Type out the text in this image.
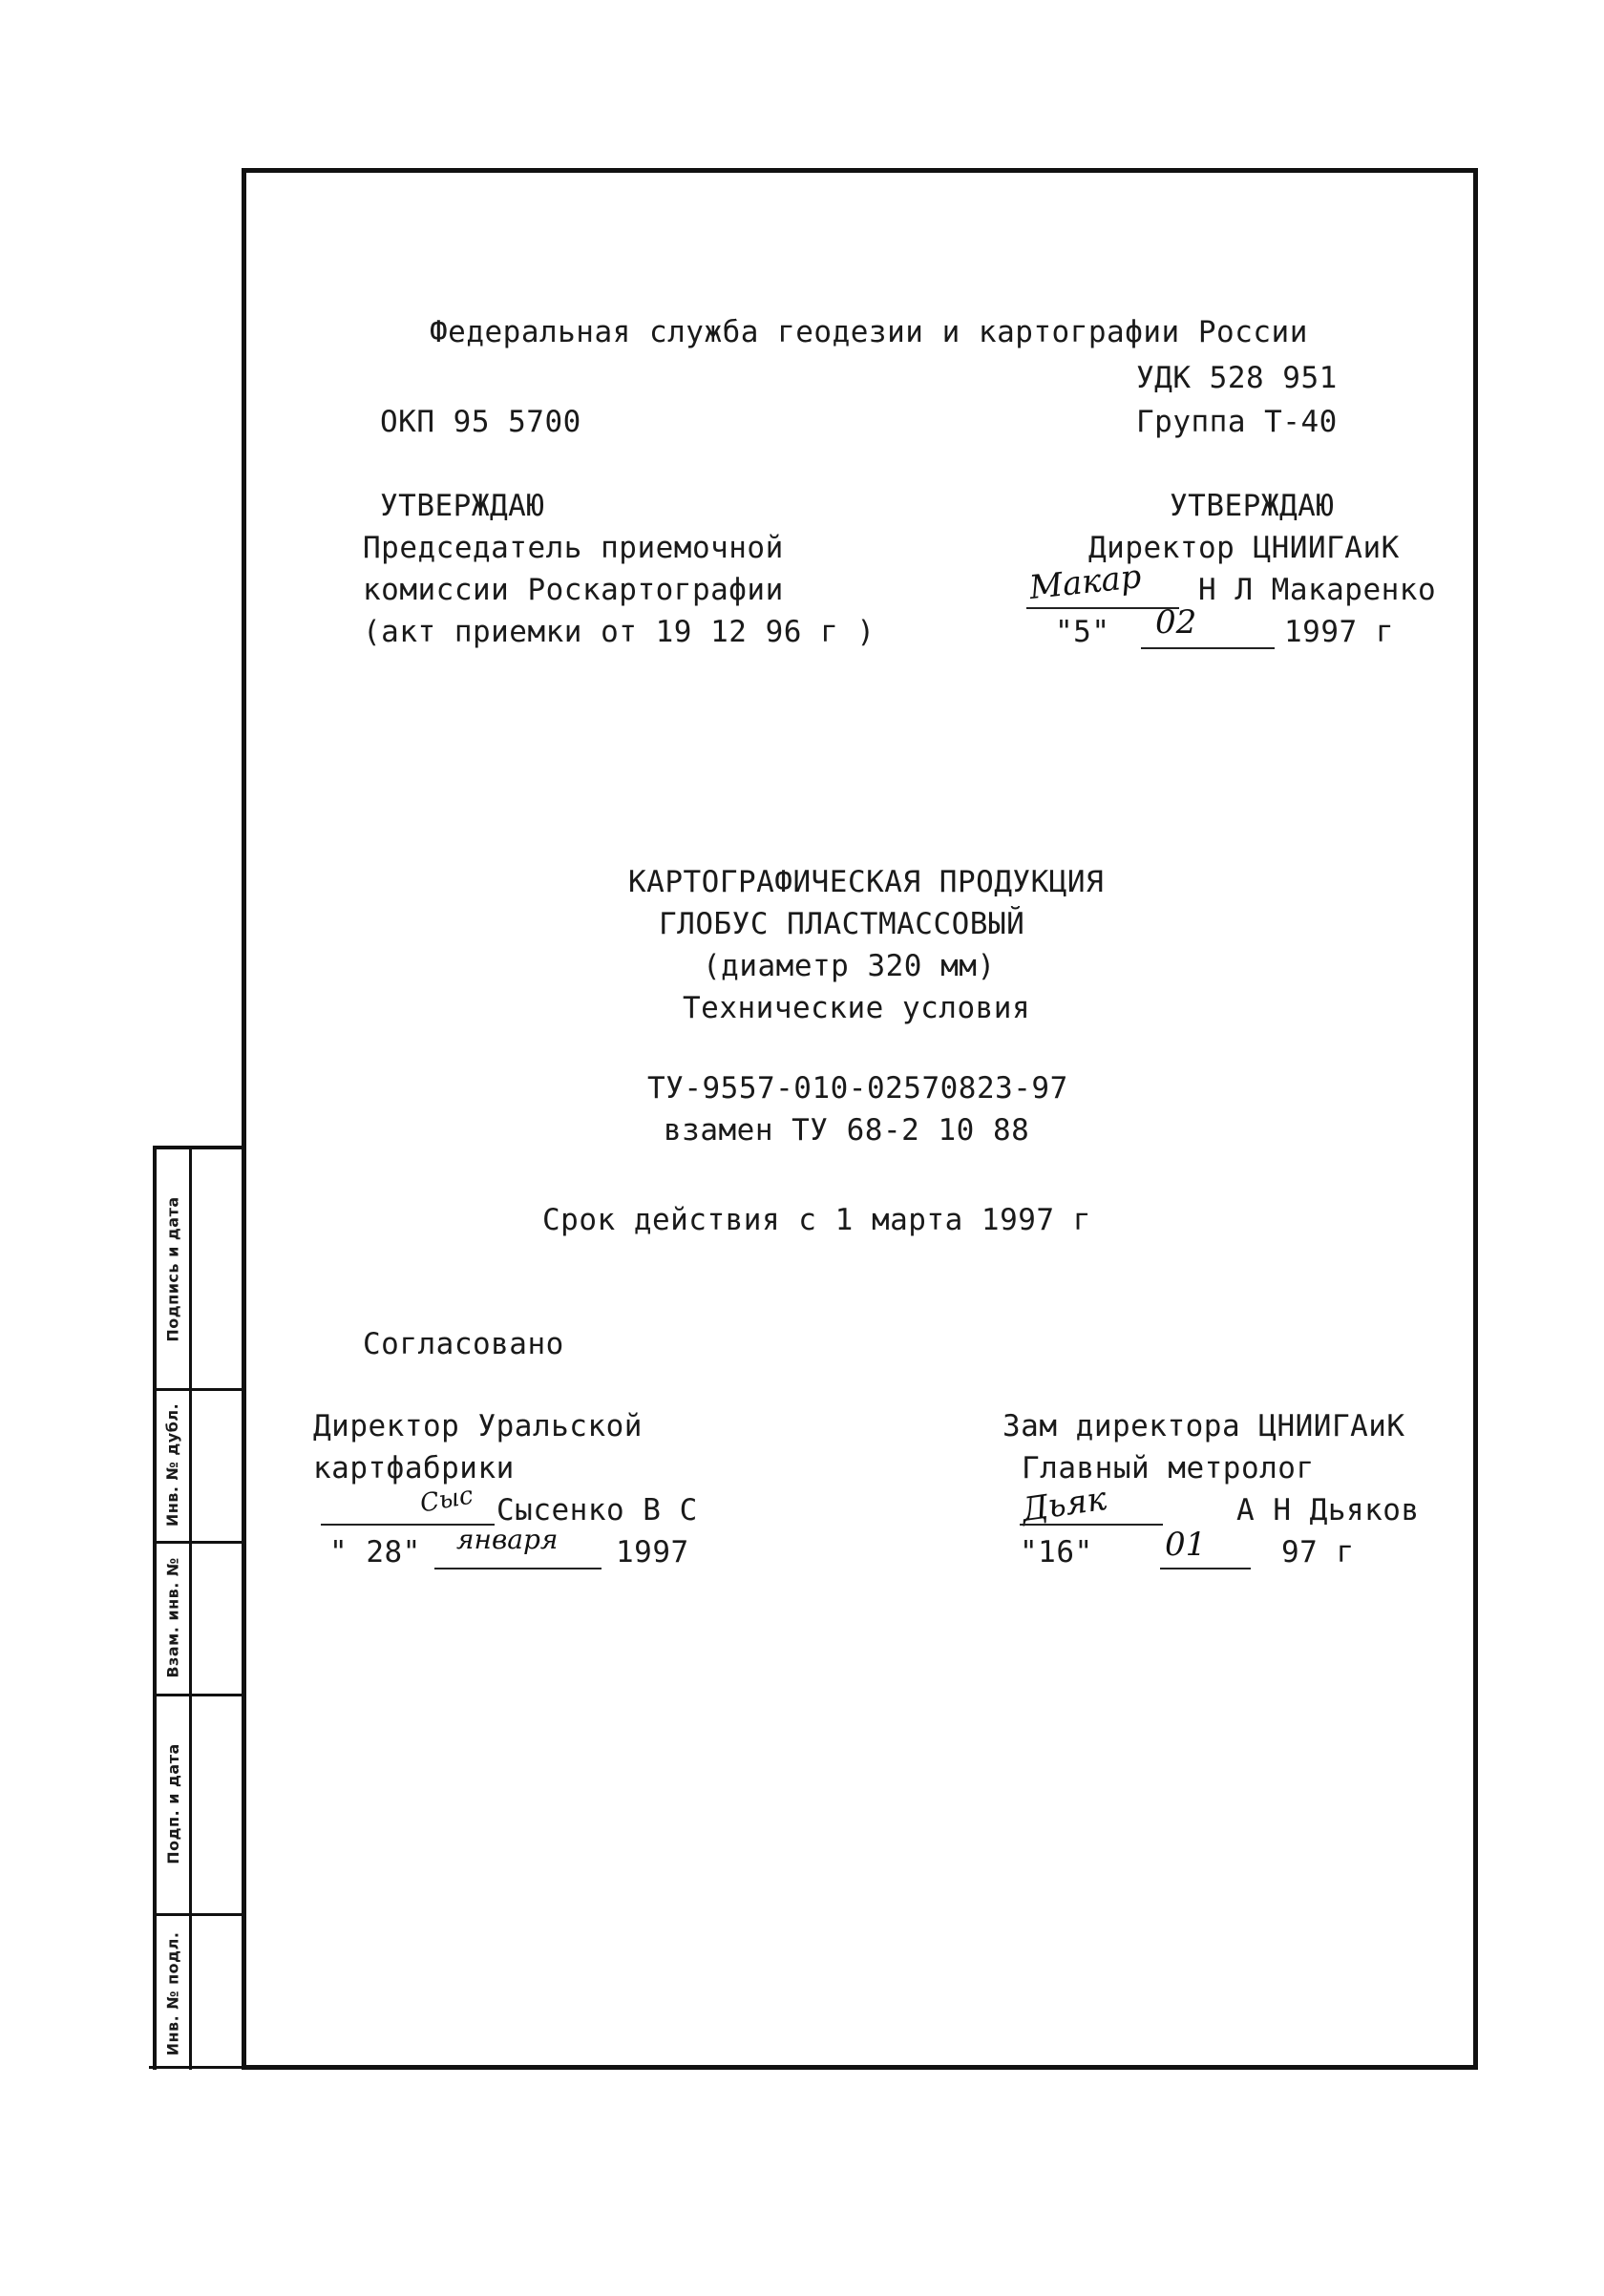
Федеральная служба геодезии и картографии России
УДК 528 951
ОКП 95 5700	Группа Т-40
УТВЕРЖДАЮ
Председатель приемочной
комиссии Роскартографии
(акт приемки от 19 12 96 г )
УТВЕРЖДАЮ
Директор ЦНИИГАиК
Макар Н Л Макаренко
"5" 02	1997 г
КАРТОГРАФИЧЕСКАЯ ПРОДУКЦИЯ
ГЛОБУС ПЛАСТМАССОВЫЙ
(диаметр 320 мм)
Технические условия
ТУ-9557-010-02570823-97
взамен ТУ 68-2 10 88
Срок действия с 1 марта 1997 г
Согласовано
Директор Уральской
картфабрики
Сыс Сысенко В С
" 28" января 1997
Зам директора ЦНИИГАиК
Главный метролог
Дьяк	А Н Дьяков
"16" 01	97 г
Подпись и дата
Инв. № дубл.
Взам. инв. №
Подп. и дата
Инв. № подл.
